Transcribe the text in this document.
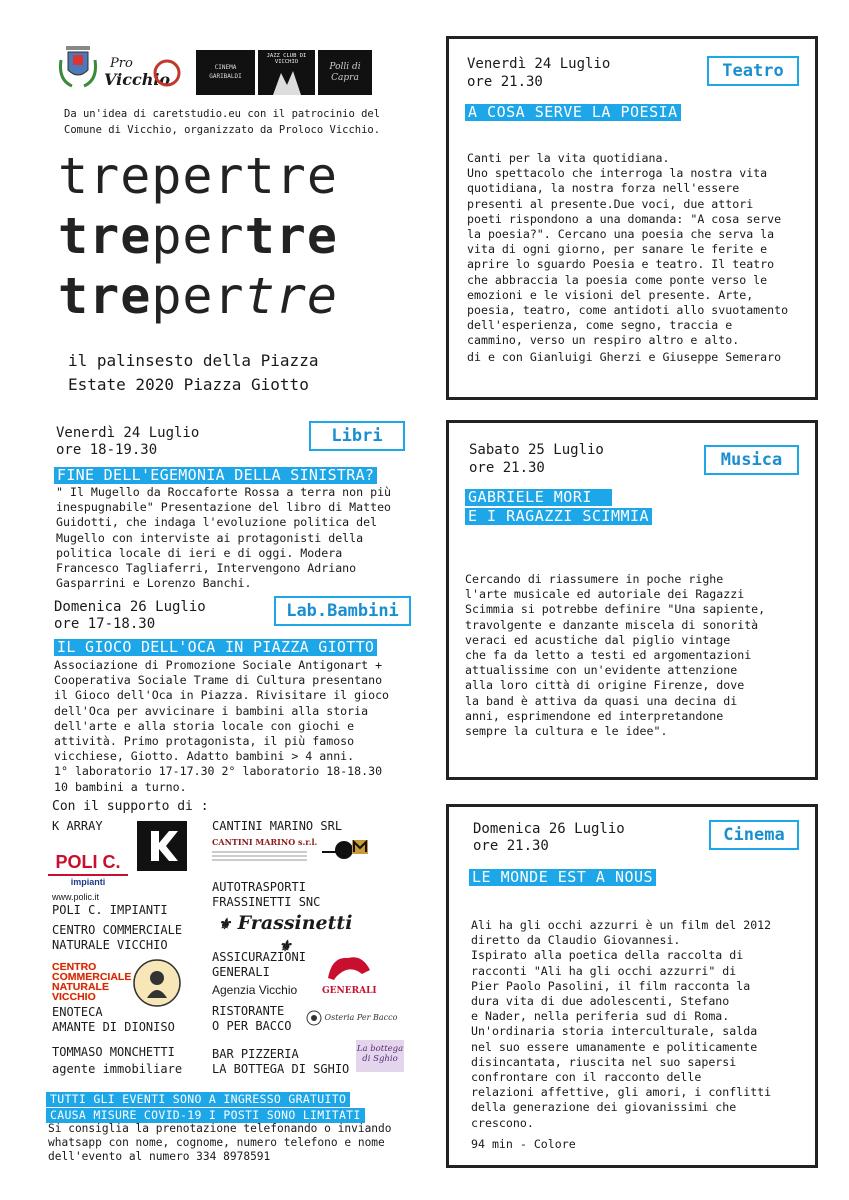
Pro
Vicchio
CINEMA
GARIBALDI
JAZZ CLUB DI VICCHIO	Polli di Capra
Da un'idea di caretstudio.eu con il patrocinio del Comune di Vicchio, organizzato da Proloco Vicchio.
trepertre
trepertre
trepertre
il palinsesto della Piazza
Estate 2020 Piazza Giotto
Venerdì 24 Luglio
ore 21.30
Teatro
A COSA SERVE LA POESIA
Canti per la vita quotidiana.
Uno spettacolo che interroga la nostra vita
quotidiana, la nostra forza nell'essere
presenti al presente.Due voci, due attori
poeti rispondono a una domanda: "A cosa serve
la poesia?". Cercano una poesia che serva la
vita di ogni giorno, per sanare le ferite e
aprire lo sguardo Poesia e teatro. Il teatro
che abbraccia la poesia come ponte verso le
emozioni e le visioni del presente. Arte,
poesia, teatro, come antidoti allo svuotamento
dell'esperienza, come segno, traccia e
cammino, verso un respiro altro e alto.
di e con Gianluigi Gherzi e Giuseppe Semeraro
Venerdì 24 Luglio
ore 18-19.30
Libri
FINE DELL'EGEMONIA DELLA SINISTRA?
" Il Mugello da Roccaforte Rossa a terra non più
inespugnabile" Presentazione del libro di Matteo
Guidotti, che indaga l'evoluzione politica del
Mugello con interviste ai protagonisti della
politica locale di ieri e di oggi. Modera
Francesco Tagliaferri, Intervengono Adriano
Gasparrini e Lorenzo Banchi.
Domenica 26 Luglio
ore 17-18.30
Lab.Bambini
IL GIOCO DELL'OCA IN PIAZZA GIOTTO
Associazione di Promozione Sociale Antigonart +
Cooperativa Sociale Trame di Cultura presentano
il Gioco dell'Oca in Piazza. Rivisitare il gioco
dell'Oca per avvicinare i bambini alla storia
dell'arte e alla storia locale con giochi e
attività. Primo protagonista, il più famoso
vicchiese, Giotto. Adatto bambini > 4 anni.
1° laboratorio 17-17.30 2° laboratorio 18-18.30
10 bambini a turno.
Sabato 25 Luglio
ore 21.30	Musica
GABRIELE MORI
E I RAGAZZI SCIMMIA
Cercando di riassumere in poche righe
l'arte musicale ed autoriale dei Ragazzi
Scimmia si potrebbe definire "Una sapiente,
travolgente e danzante miscela di sonorità
veraci ed acustiche dal piglio vintage
che fa da letto a testi ed argomentazioni
attualissime con un'evidente attenzione
alla loro città di origine Firenze, dove
la band è attiva da quasi una decina di
anni, esprimendone ed interpretandone
sempre la cultura e le idee".
Domenica 26 Luglio
ore 21.30
Cinema
LE MONDE EST A NOUS
Ali ha gli occhi azzurri è un film del 2012
diretto da Claudio Giovannesi.
Ispirato alla poetica della raccolta di
racconti "Ali ha gli occhi azzurri" di
Pier Paolo Pasolini, il film racconta la
dura vita di due adolescenti, Stefano
e Nader, nella periferia sud di Roma.
Un'ordinaria storia interculturale, salda
nel suo essere umanamente e politicamente
disincantata, riuscita nel suo sapersi
confrontare con il racconto delle
relazioni affettive, gli amori, i conflitti
della generazione dei giovanissimi che
crescono.
94 min - Colore
Con il supporto di :
K ARRAY
POLI C.
impianti
www.polic.it
POLI C. IMPIANTI
CENTRO COMMERCIALE
NATURALE VICCHIO
CENTRO
COMMERCIALE
NATURALE
VICCHIO
ENOTECA
AMANTE DI DIONISO
TOMMASO MONCHETTI
agente immobiliare
CANTINI MARINO SRL
CANTINI MARINO s.r.l.
AUTOTRASPORTI
FRASSINETTI SNC
⚜ Frassinetti ⚜
ASSICURAZIONI
GENERALI
Agenzia Vicchio	GENERALI
RISTORANTE
O PER BACCO
Osteria Per Bacco
BAR PIZZERIA
LA BOTTEGA DI SGHIO
La bottega di Sghio
TUTTI GLI EVENTI SONO A INGRESSO GRATUITO
CAUSA MISURE COVID-19 I POSTI SONO LIMITATI
Si consiglia la prenotazione telefonando o inviando
whatsapp con nome, cognome, numero telefono e nome
dell'evento al numero 334 8978591
